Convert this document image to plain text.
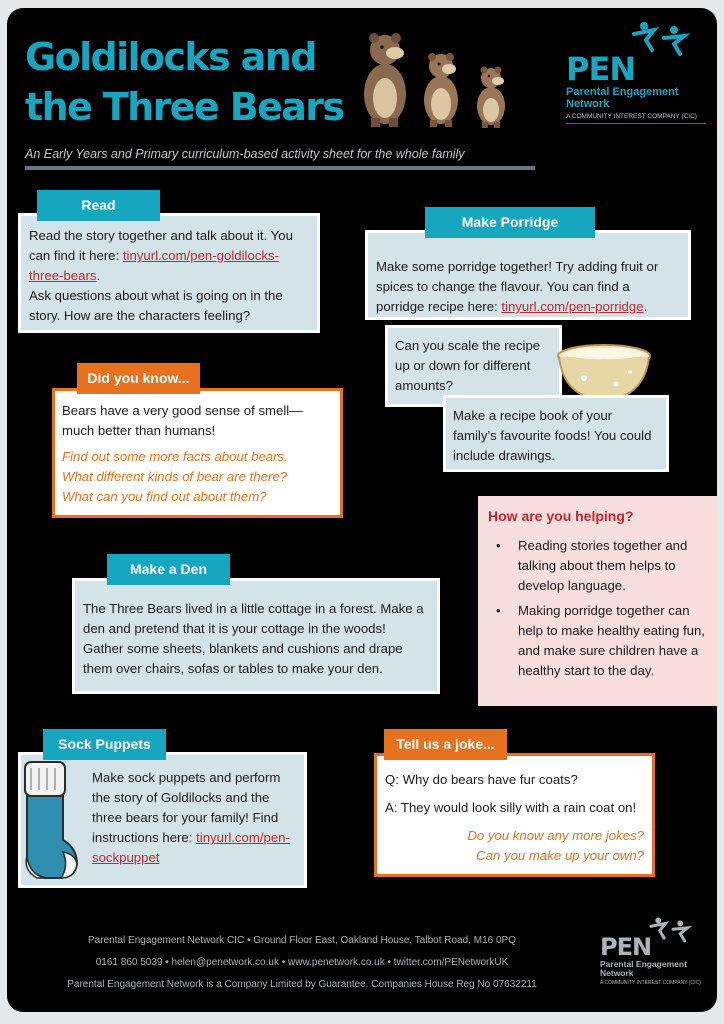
Goldilocks and
the Three Bears
PEN
Parental Engagement
Network
A COMMUNITY INTEREST COMPANY (CIC)
An Early Years and Primary curriculum-based activity sheet for the whole family

Read the story together and talk about it. You can find it here: tinyurl.com/pen-goldilocks-three-bears.

Ask questions about what is going on in the story. How are the characters feeling?

Read

Make some porridge together! Try adding fruit or spices to change the flavour. You can find a porridge recipe here: tinyurl.com/pen-porridge.

Make Porridge

Can you scale the recipe up or down for different amounts?

Make a recipe book of your family’s favourite foods! You could include drawings.

Bears have a very good sense of smell—much better than humans!

Find out some more facts about bears.

What different kinds of bear are there?

What can you find out about them?

Did you know...
How are you helping?
• Reading stories together and talking about them helps to develop language.
• Making porridge together can help to make healthy eating fun, and make sure children have a healthy start to the day.

The Three Bears lived in a little cottage in a forest. Make a den and pretend that it is your cottage in the woods! Gather some sheets, blankets and cushions and drape them over chairs, sofas or tables to make your den.

Make a Den

Make sock puppets and perform the story of Goldilocks and the three bears for your family! Find instructions here: tinyurl.com/pen-sockpuppet

Sock Puppets

Q: Why do bears have fur coats?

A: They would look silly with a rain coat on!

Do you know any more jokes?

Can you make up your own?

Tell us a joke...
Parental Engagement Network CIC • Ground Floor East, Oakland House, Talbot Road, M16 0PQ
0161 860 5039 • helen@penetwork.co.uk • www.penetwork.co.uk • twitter.com/PENetworkUK
Parental Engagement Network is a Company Limited by Guarantee. Companies House Reg No 07632211
PEN
Parental Engagement
Network
A COMMUNITY INTEREST COMPANY (CIC)
